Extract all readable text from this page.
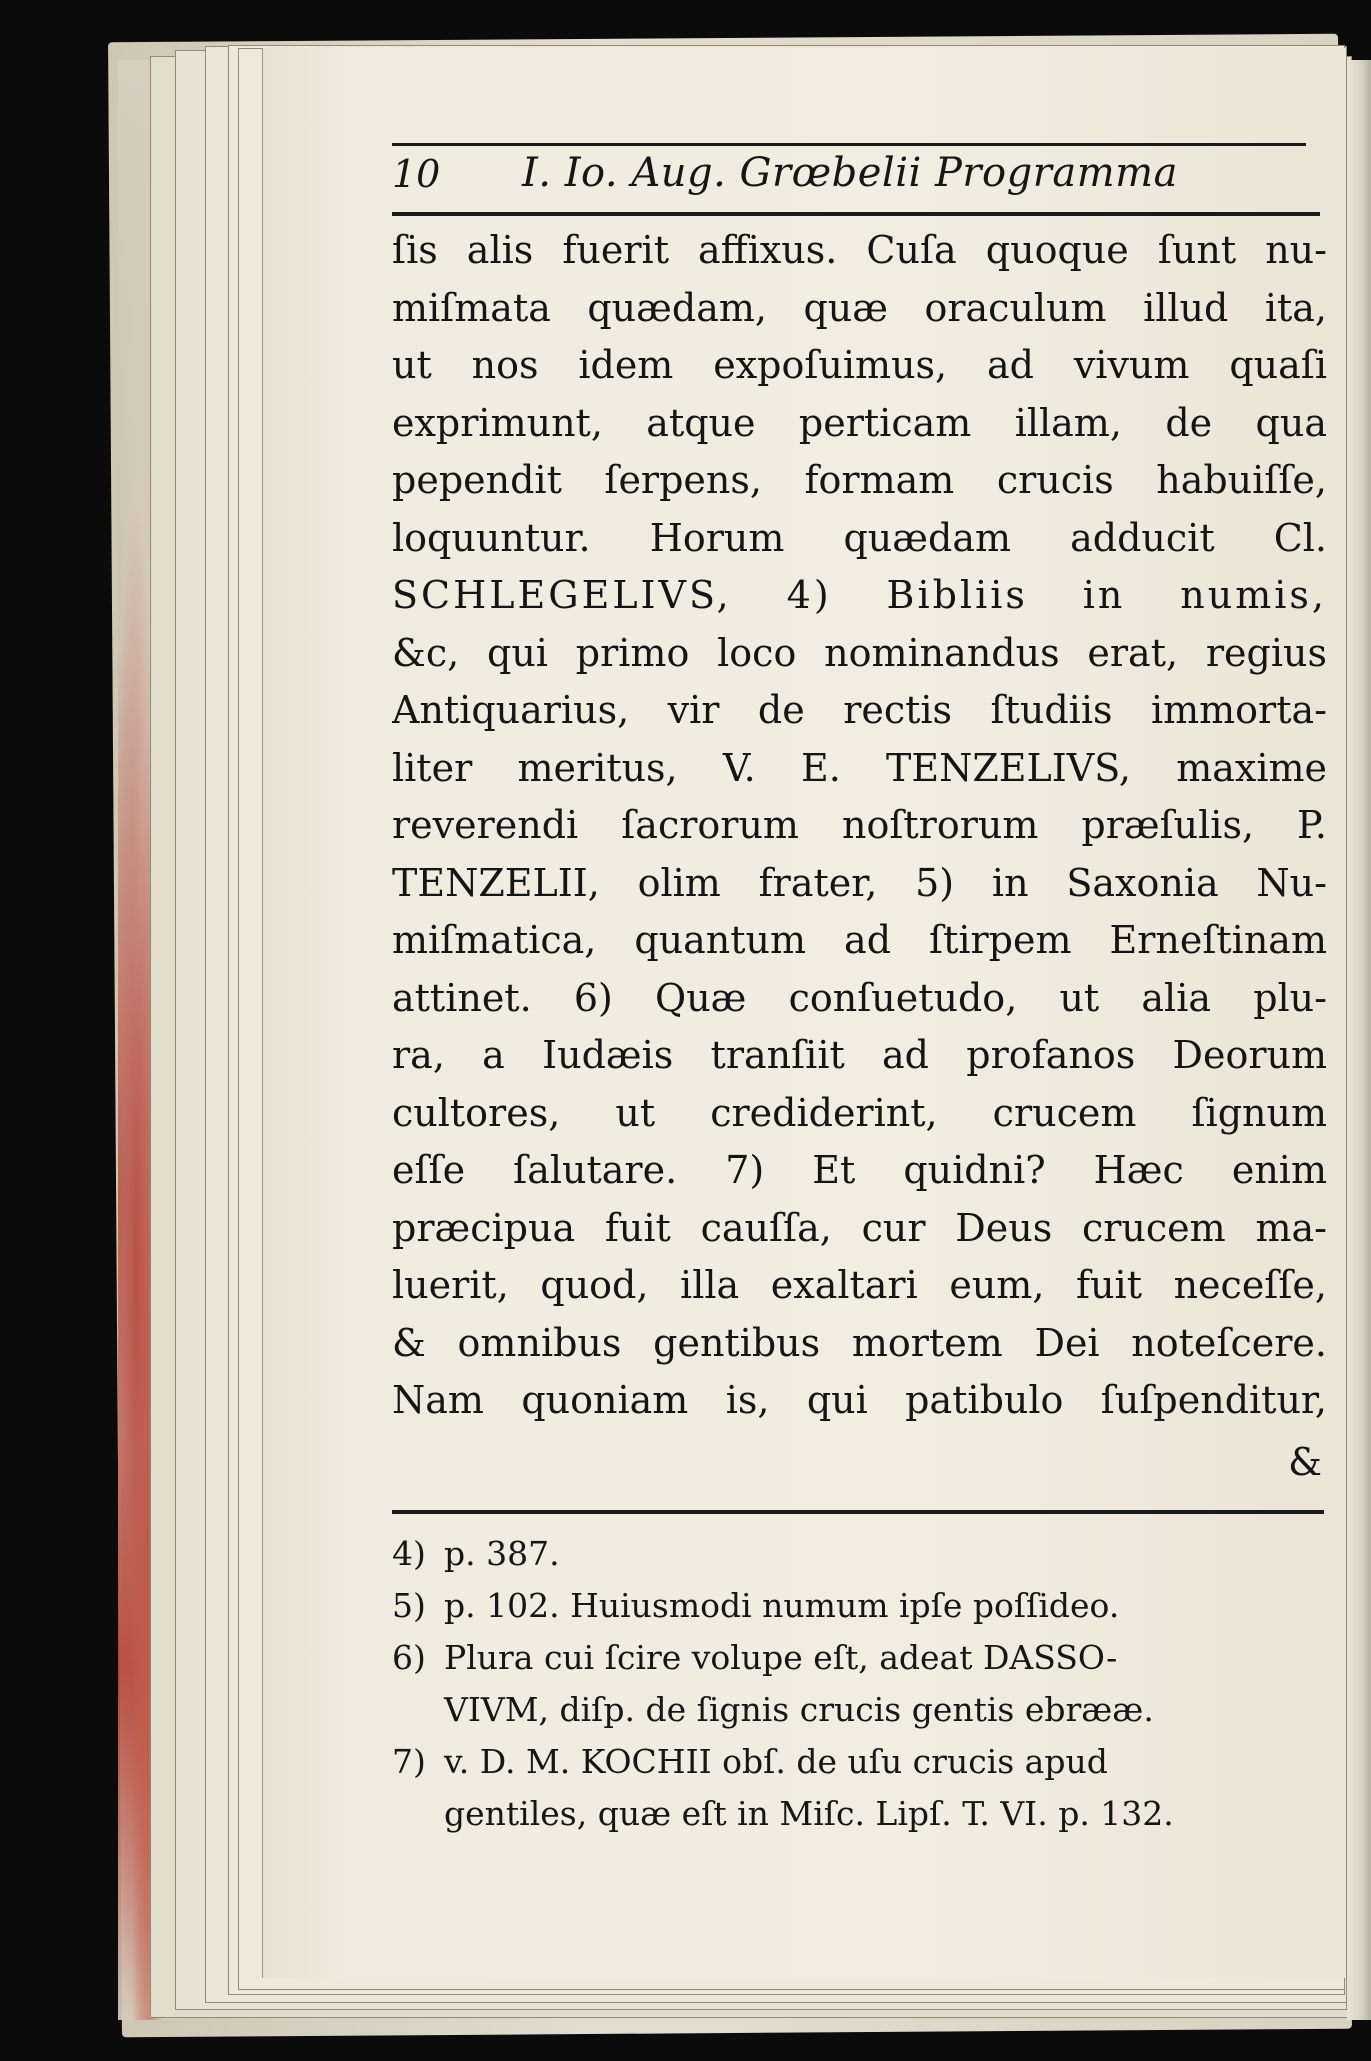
10 I. Io. Aug. Grœbelii Programma
ſis alis fuerit affixus. Cuſa quoque ſunt nu-
miſmata quædam, quæ oraculum illud ita,
ut nos idem expoſuimus, ad vivum quaſi
exprimunt, atque perticam illam, de qua
pependit ſerpens, formam crucis habuiſſe,
loquuntur. Horum quædam adducit Cl.
SCHLEGELIVS, 4) Bibliis in numis,
&c, qui primo loco nominandus erat, regius
Antiquarius, vir de rectis ſtudiis immorta-
liter meritus, V. E. TENZELIVS, maxime
reverendi ſacrorum noſtrorum præſulis, P.
TENZELII, olim frater, 5) in Saxonia Nu-
miſmatica, quantum ad ſtirpem Erneſtinam
attinet. 6) Quæ conſuetudo, ut alia plu-
ra, a Iudæis tranſiit ad profanos Deorum
cultores, ut crediderint, crucem ſignum
eſſe ſalutare. 7) Et quidni? Hæc enim
præcipua fuit cauſſa, cur Deus crucem ma-
luerit, quod, illa exaltari eum, fuit neceſſe,
& omnibus gentibus mortem Dei noteſcere.
Nam quoniam is, qui patibulo ſuſpenditur,
&
4) p. 387.
5) p. 102. Huiusmodi numum ipſe poſſideo.
6) Plura cui ſcire volupe eſt, adeat DASSO-
VIVM, diſp. de ſignis crucis gentis ebrææ.
7) v. D. M. KOCHII obſ. de uſu crucis apud
gentiles, quæ eſt in Miſc. Lipſ. T. VI. p. 132.
